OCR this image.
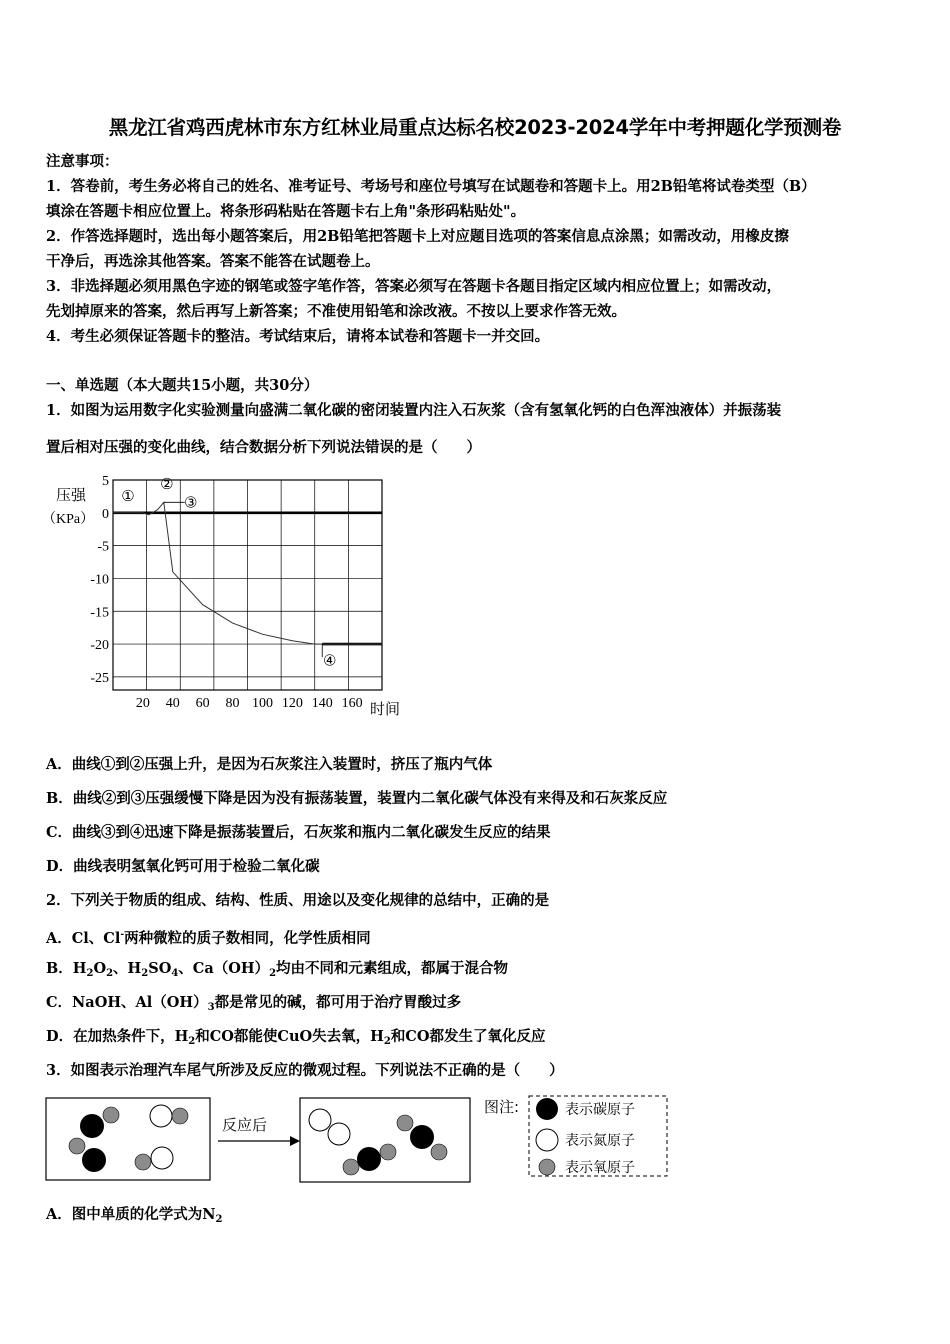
黑龙江省鸡西虎林市东方红林业局重点达标名校2023-2024学年中考押题化学预测卷
注意事项：
1．答卷前，考生务必将自己的姓名、准考证号、考场号和座位号填写在试题卷和答题卡上。用2B铅笔将试卷类型（B）
填涂在答题卡相应位置上。将条形码粘贴在答题卡右上角"条形码粘贴处"。
2．作答选择题时，选出每小题答案后，用2B铅笔把答题卡上对应题目选项的答案信息点涂黑；如需改动，用橡皮擦
干净后，再选涂其他答案。答案不能答在试题卷上。
3．非选择题必须用黑色字迹的钢笔或签字笔作答，答案必须写在答题卡各题目指定区域内相应位置上；如需改动，
先划掉原来的答案，然后再写上新答案；不准使用铅笔和涂改液。不按以上要求作答无效。
4．考生必须保证答题卡的整洁。考试结束后，请将本试卷和答题卡一并交回。
一、单选题（本大题共15小题，共30分）
1．如图为运用数字化实验测量向盛满二氧化碳的密闭装置内注入石灰浆（含有氢氧化钙的白色浑浊液体）并振荡装
置后相对压强的变化曲线，结合数据分析下列说法错误的是（　　）
5
0
-5
-10
-15
-20
-25
20 40 60 80 100 120 140 160
①
②
③
④
压强
（KPa）
时间
A．曲线①到②压强上升，是因为石灰浆注入装置时，挤压了瓶内气体
B．曲线②到③压强缓慢下降是因为没有振荡装置，装置内二氧化碳气体没有来得及和石灰浆反应
C．曲线③到④迅速下降是振荡装置后，石灰浆和瓶内二氧化碳发生反应的结果
D．曲线表明氢氧化钙可用于检验二氧化碳
2．下列关于物质的组成、结构、性质、用途以及变化规律的总结中，正确的是
A．Cl、Cl-两种微粒的质子数相同，化学性质相同
B．$H_2O_2$、$H_2SO_4$、$Ca(OH)_2$均由不同和元素组成，都属于混合物
C．NaOH、$Al(OH)_3$都是常见的碱，都可用于治疗胃酸过多
D．在加热条件下，$H_2$和CO都能使CuO失去氧，$H_2$和CO都发生了氧化反应
3．如图表示治理汽车尾气所涉及反应的微观过程。下列说法不正确的是（　　）
反应后
图注:	表示碳原子
表示氮原子
表示氧原子
A．图中单质的化学式为$N_2$
